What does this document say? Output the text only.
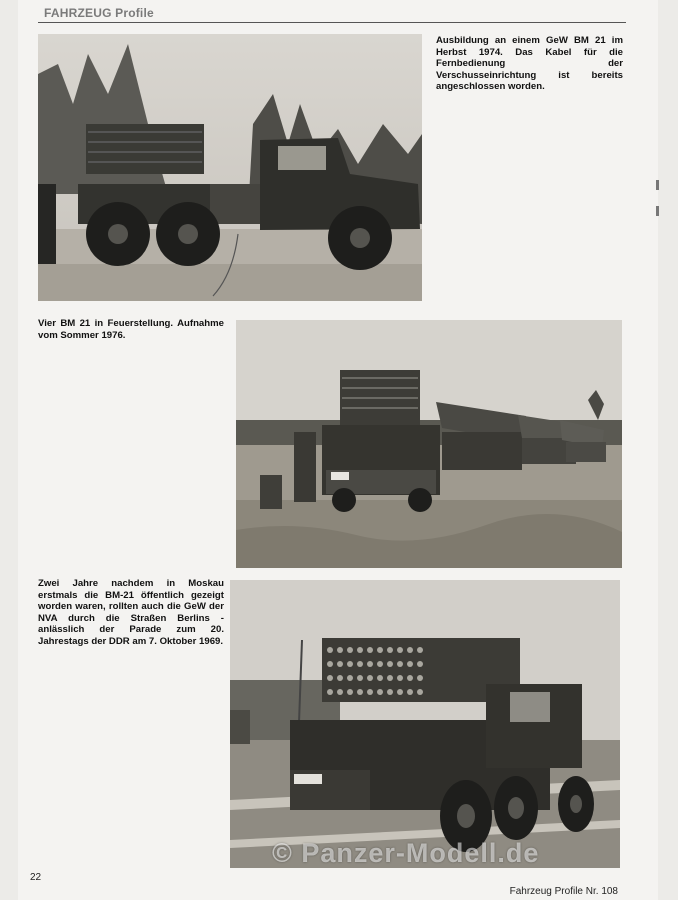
FAHRZEUG Profile
Ausbildung an einem GeW BM 21 im Herbst 1974. Das Kabel für die Fernbedienung der Verschusseinrichtung ist bereits angeschlossen worden.
Vier BM 21 in Feuerstellung. Aufnahme vom Sommer 1976.
Zwei Jahre nachdem in Moskau erstmals die BM-21 öffentlich gezeigt worden waren, rollten auch die GeW der NVA durch die Straßen Berlins - anlässlich der Parade zum 20. Jahrestags der DDR am 7. Oktober 1969.
© Panzer-Modell.de
22
Fahrzeug Profile Nr. 108
